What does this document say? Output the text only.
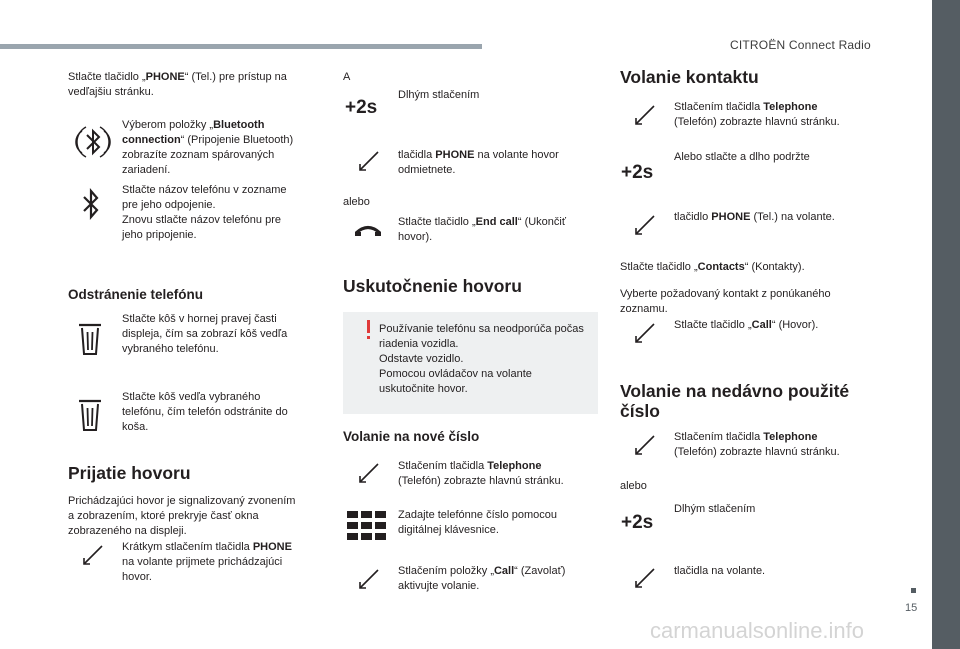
CITROËN Connect Radio
15
carmanualsonline.info
Stlačte tlačidlo „PHONE“ (Tel.) pre prístup na
vedľajšiu stránku.
Výberom položky „Bluetooth
connection“ (Pripojenie Bluetooth)
zobrazíte zoznam spárovaných
zariadení.
Stlačte názov telefónu v zozname
pre jeho odpojenie.
Znovu stlačte názov telefónu pre
jeho pripojenie.
Odstránenie telefónu
Stlačte kôš v hornej pravej časti
displeja, čím sa zobrazí kôš vedľa
vybraného telefónu.
Stlačte kôš vedľa vybraného
telefónu, čím telefón odstránite do
koša.
Prijatie hovoru
Prichádzajúci hovor je signalizovaný zvonením
a zobrazením, ktoré prekryje časť okna
zobrazeného na displeji.
Krátkym stlačením tlačidla PHONE
na volante prijmete prichádzajúci
hovor.
A
+2s
Dlhým stlačením
tlačidla PHONE na volante hovor
odmietnete.
alebo
Stlačte tlačidlo „End call“ (Ukončiť
hovor).
Uskutočnenie hovoru
Používanie telefónu sa neodporúča počas
riadenia vozidla.
Odstavte vozidlo.
Pomocou ovládačov na volante
uskutočnite hovor.
Volanie na nové číslo
Stlačením tlačidla Telephone
(Telefón) zobrazte hlavnú stránku.
Zadajte telefónne číslo pomocou
digitálnej klávesnice.
Stlačením položky „Call“ (Zavolať)
aktivujte volanie.
Volanie kontaktu
Stlačením tlačidla Telephone
(Telefón) zobrazte hlavnú stránku.
Alebo stlačte a dlho podržte
+2s
tlačidlo PHONE (Tel.) na volante.
Stlačte tlačidlo „Contacts“ (Kontakty).
Vyberte požadovaný kontakt z ponúkaného
zoznamu.
Stlačte tlačidlo „Call“ (Hovor).
Volanie na nedávno použité
číslo
Stlačením tlačidla Telephone
(Telefón) zobrazte hlavnú stránku.
alebo
Dlhým stlačením
+2s
tlačidla na volante.
